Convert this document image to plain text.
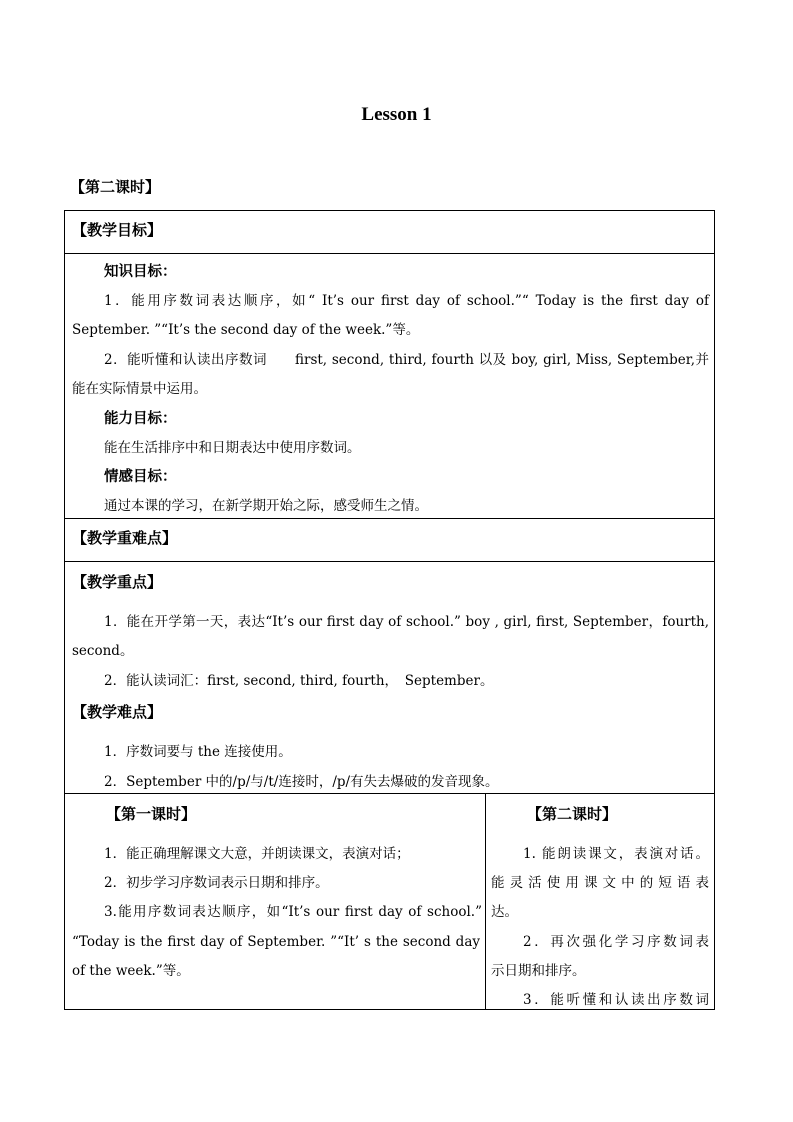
Lesson 1
【第二课时】
【教学目标】
知识目标：
1．能用序数词表达顺序，如“ It’s our first day of school.”“ Today is the first day of
September. ”“It’s the second day of the week.”等。
2．能听懂和认读出序数词　　first, second, third, fourth 以及 boy, girl, Miss, September,并
能在实际情景中运用。
能力目标：
能在生活排序中和日期表达中使用序数词。
情感目标：
通过本课的学习，在新学期开始之际，感受师生之情。
【教学重难点】
【教学重点】
1．能在开学第一天，表达“It’s our first day of school.” boy , girl, first, September，fourth,
second。
2．能认读词汇：first, second, third, fourth，　September。
【教学难点】
1．序数词要与 the 连接使用。
2．September 中的/p/与/t/连接时，/p/有失去爆破的发音现象。
【第一课时】
1．能正确理解课文大意，并朗读课文，表演对话；
2．初步学习序数词表示日期和排序。
3.能用序数词表达顺序，如“It’s our first day of school.”
“Today is the first day of September. ”“It’ s the second day
of the week.”等。
【第二课时】
1. 能朗读课文，表演对话。
能灵活使用课文中的短语表
达。
2．再次强化学习序数词表
示日期和排序。
3．能听懂和认读出序数词
